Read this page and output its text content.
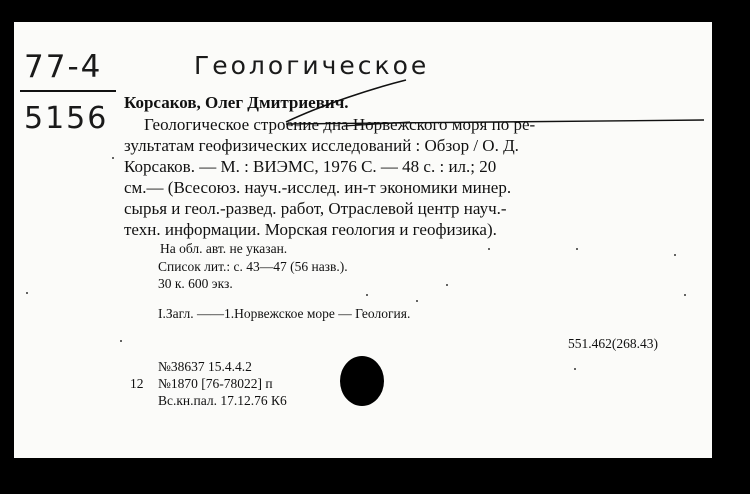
77-4
5156
Геологическое
Корсаков, Олег Дмитриевич.
Геологическое строение дна Норвежского моря по ре-
зультатам геофизических исследований : Обзор / О. Д.
Корсаков. — М. : ВИЭМС, 1976 С. — 48 с. : ил.; 20
см.— (Всесоюз. науч.-исслед. ин-т экономики минер.
сырья и геол.-развед. работ, Отраслевой центр науч.-
техн. информации. Морская геология и геофизика).
На обл. авт. не указан.
Список лит.: с. 43—47 (56 назв.).
30 к. 600 экз.
I.Загл. ——1.Норвежское море — Геология.
551.462(268.43)
№38637 15.4.4.2
12 №1870 [76-78022] п
Вс.кн.пал. 17.12.76 К6
